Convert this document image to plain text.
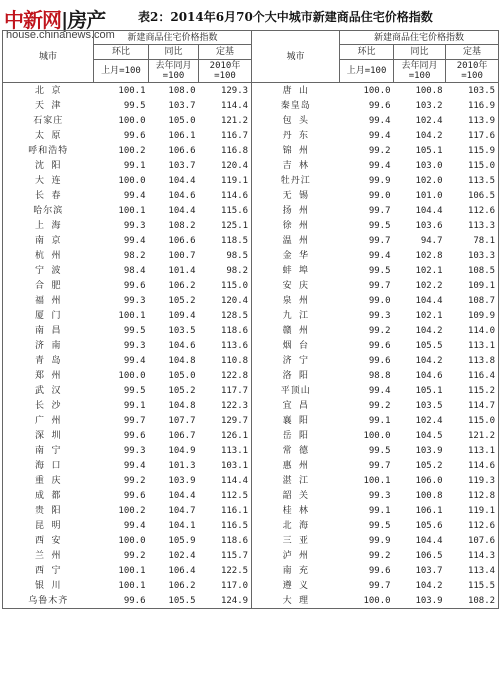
中新网|房产
house.chinanews.com
表2：2014年6月70个大中城市新建商品住宅价格指数
城市	新建商品住宅价格指数			城市	新建商品住宅价格指数		
	环比	同比	定基		环比	同比	定基
	上月=100	去年同月=100	2010年=100		上月=100	去年同月=100	2010年=100
北 京	100.1	108.0	129.3	唐 山	100.0	100.8	103.5
天 津	99.5	103.7	114.4	秦皇岛	99.6	103.2	116.9
石家庄	100.0	105.0	121.2	包 头	99.4	102.4	113.9
太 原	99.6	106.1	116.7	丹 东	99.4	104.2	117.6
呼和浩特	100.2	106.6	116.8	锦 州	99.2	105.1	115.9
沈 阳	99.1	103.7	120.4	吉 林	99.4	103.0	115.0
大 连	100.0	104.4	119.1	牡丹江	99.9	102.0	113.5
长 春	99.4	104.6	114.6	无 锡	99.0	101.0	106.5
哈尔滨	100.1	104.4	115.6	扬 州	99.7	104.4	112.6
上 海	99.3	108.2	125.1	徐 州	99.5	103.6	113.3
南 京	99.4	106.6	118.5	温 州	99.7	94.7	78.1
杭 州	98.2	100.7	98.5	金 华	99.4	102.8	103.3
宁 波	98.4	101.4	98.2	蚌 埠	99.5	102.1	108.5
合 肥	99.6	106.2	115.0	安 庆	99.7	102.2	109.1
福 州	99.3	105.2	120.4	泉 州	99.0	104.4	108.7
厦 门	100.1	109.4	128.5	九 江	99.3	102.1	109.9
南 昌	99.5	103.5	118.6	赣 州	99.2	104.2	114.0
济 南	99.3	104.6	113.6	烟 台	99.6	105.5	113.1
青 岛	99.4	104.8	110.8	济 宁	99.6	104.2	113.8
郑 州	100.0	105.0	122.8	洛 阳	98.8	104.6	116.4
武 汉	99.5	105.2	117.7	平顶山	99.4	105.1	115.2
长 沙	99.1	104.8	122.3	宜 昌	99.2	103.5	114.7
广 州	99.7	107.7	129.7	襄 阳	99.1	102.4	115.0
深 圳	99.6	106.7	126.1	岳 阳	100.0	104.5	121.2
南 宁	99.3	104.9	113.1	常 德	99.5	103.9	113.1
海 口	99.4	101.3	103.1	惠 州	99.7	105.2	114.6
重 庆	99.2	103.9	114.4	湛 江	100.1	106.0	119.3
成 都	99.6	104.4	112.5	韶 关	99.3	100.8	112.8
贵 阳	100.2	104.7	116.1	桂 林	99.1	106.1	119.1
昆 明	99.4	104.1	116.5	北 海	99.5	105.6	112.6
西 安	100.0	105.9	118.6	三 亚	99.9	104.4	107.6
兰 州	99.2	102.4	115.7	泸 州	99.2	106.5	114.3
西 宁	100.1	106.4	122.5	南 充	99.6	103.7	113.4
银 川	100.1	106.2	117.0	遵 义	99.7	104.2	115.5
乌鲁木齐	99.6	105.5	124.9	大 理	100.0	103.9	108.2
